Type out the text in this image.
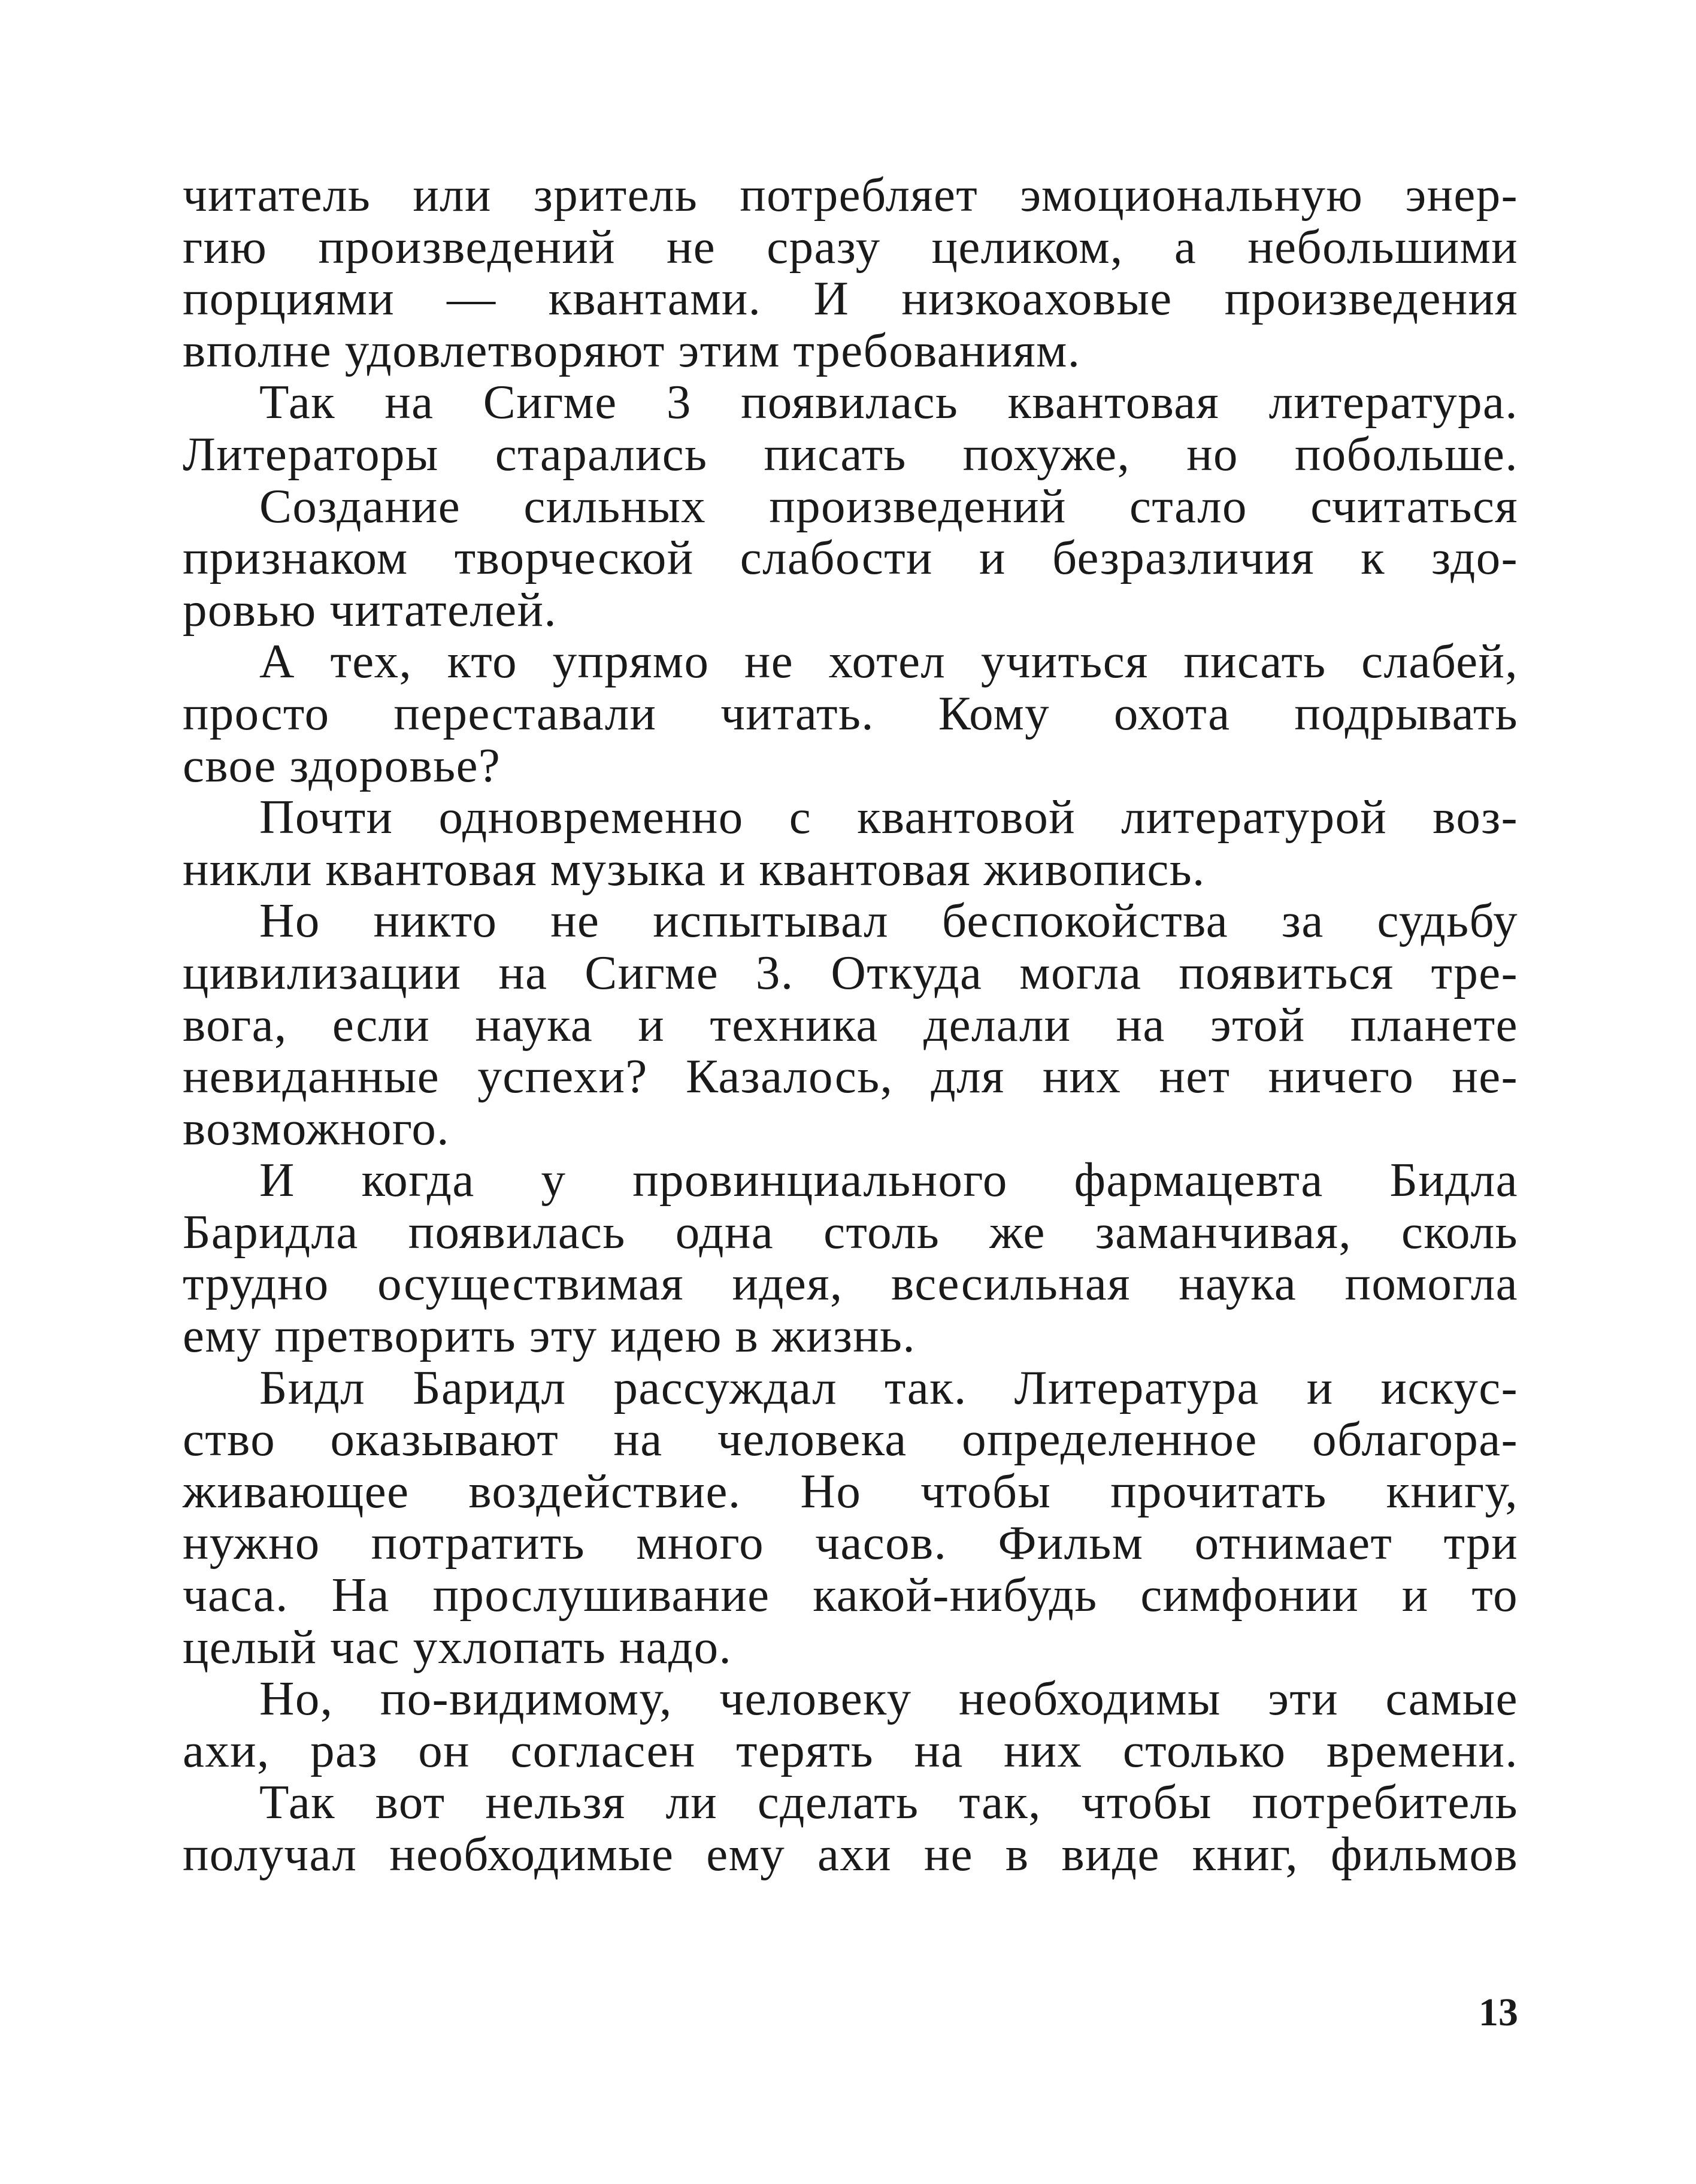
читатель или зритель потребляет эмоциональную энер-
гию произведений не сразу целиком, а небольшими
порциями — квантами. И низкоаховые произведения
вполне удовлетворяют этим требованиям.
Так на Сигме 3 появилась квантовая литература.
Литераторы старались писать похуже, но побольше.
Создание сильных произведений стало считаться
признаком творческой слабости и безразличия к здо-
ровью читателей.
А тех, кто упрямо не хотел учиться писать слабей,
просто переставали читать. Кому охота подрывать
свое здоровье?
Почти одновременно с квантовой литературой воз-
никли квантовая музыка и квантовая живопись.
Но никто не испытывал беспокойства за судьбу
цивилизации на Сигме 3. Откуда могла появиться тре-
вога, если наука и техника делали на этой планете
невиданные успехи? Казалось, для них нет ничего не-
возможного.
И когда у провинциального фармацевта Бидла
Баридла появилась одна столь же заманчивая, сколь
трудно осуществимая идея, всесильная наука помогла
ему претворить эту идею в жизнь.
Бидл Баридл рассуждал так. Литература и искус-
ство оказывают на человека определенное облагора-
живающее воздействие. Но чтобы прочитать книгу,
нужно потратить много часов. Фильм отнимает три
часа. На прослушивание какой-нибудь симфонии и то
целый час ухлопать надо.
Но, по-видимому, человеку необходимы эти самые
ахи, раз он согласен терять на них столько времени.
Так вот нельзя ли сделать так, чтобы потребитель
получал необходимые ему ахи не в виде книг, фильмов
13
